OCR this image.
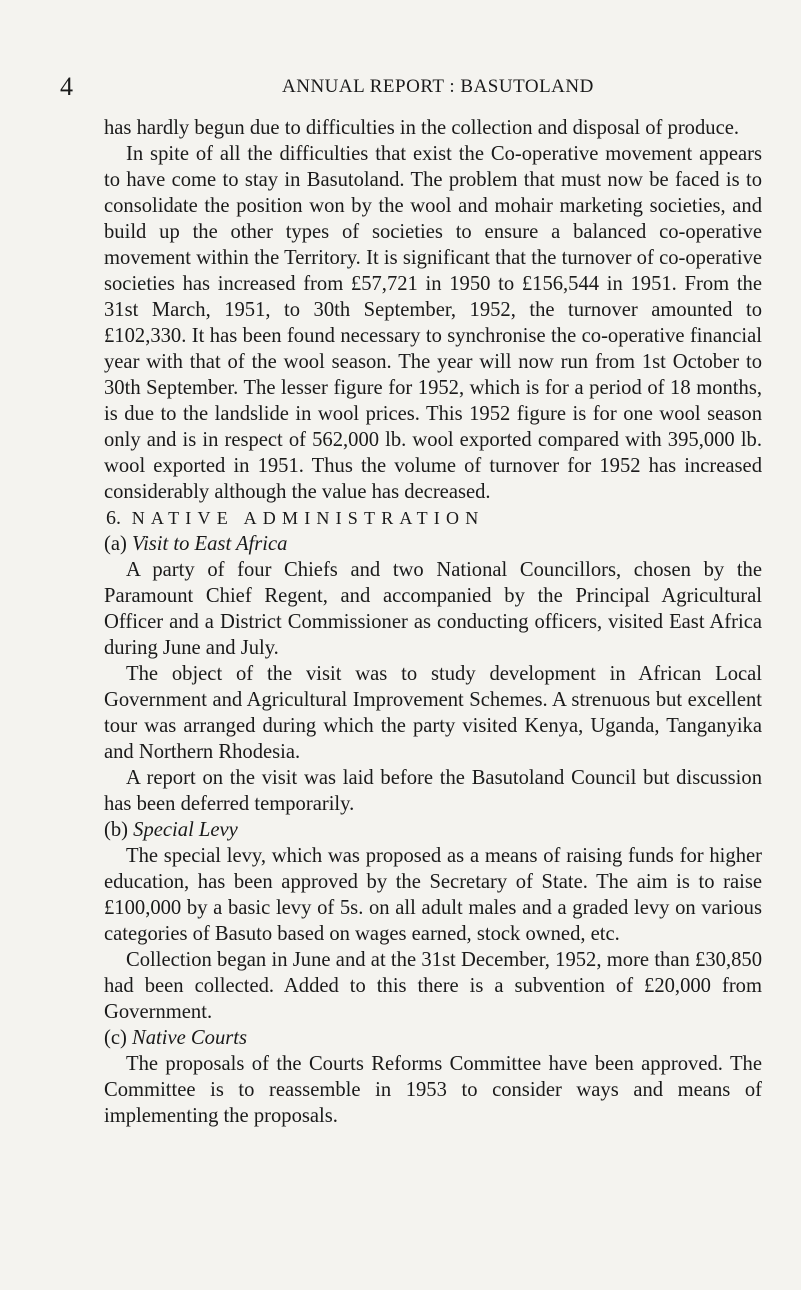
4	ANNUAL REPORT : BASUTOLAND

has hardly begun due to difficulties in the collection and disposal of produce.

In spite of all the difficulties that exist the Co-operative movement appears to have come to stay in Basutoland. The problem that must now be faced is to consolidate the position won by the wool and mohair marketing societies, and build up the other types of societies to ensure a balanced co-operative movement within the Territory. It is significant that the turnover of co-operative societies has increased from £57,721 in 1950 to £156,544 in 1951. From the 31st March, 1951, to 30th September, 1952, the turnover amounted to £102,330. It has been found necessary to synchronise the co-operative financial year with that of the wool season. The year will now run from 1st October to 30th September. The lesser figure for 1952, which is for a period of 18 months, is due to the landslide in wool prices. This 1952 figure is for one wool season only and is in respect of 562,000 lb. wool exported compared with 395,000 lb. wool exported in 1951. Thus the volume of turnover for 1952 has increased considerably although the value has decreased.

6. NATIVE ADMINISTRATION

(a) Visit to East Africa

A party of four Chiefs and two National Councillors, chosen by the Paramount Chief Regent, and accompanied by the Principal Agricultural Officer and a District Commissioner as conducting officers, visited East Africa during June and July.

The object of the visit was to study development in African Local Government and Agricultural Improvement Schemes. A strenuous but excellent tour was arranged during which the party visited Kenya, Uganda, Tanganyika and Northern Rhodesia.

A report on the visit was laid before the Basutoland Council but discussion has been deferred temporarily.

(b) Special Levy

The special levy, which was proposed as a means of raising funds for higher education, has been approved by the Secretary of State. The aim is to raise £100,000 by a basic levy of 5s. on all adult males and a graded levy on various categories of Basuto based on wages earned, stock owned, etc.

Collection began in June and at the 31st December, 1952, more than £30,850 had been collected. Added to this there is a subvention of £20,000 from Government.

(c) Native Courts

The proposals of the Courts Reforms Committee have been approved. The Committee is to reassemble in 1953 to consider ways and means of implementing the proposals.
